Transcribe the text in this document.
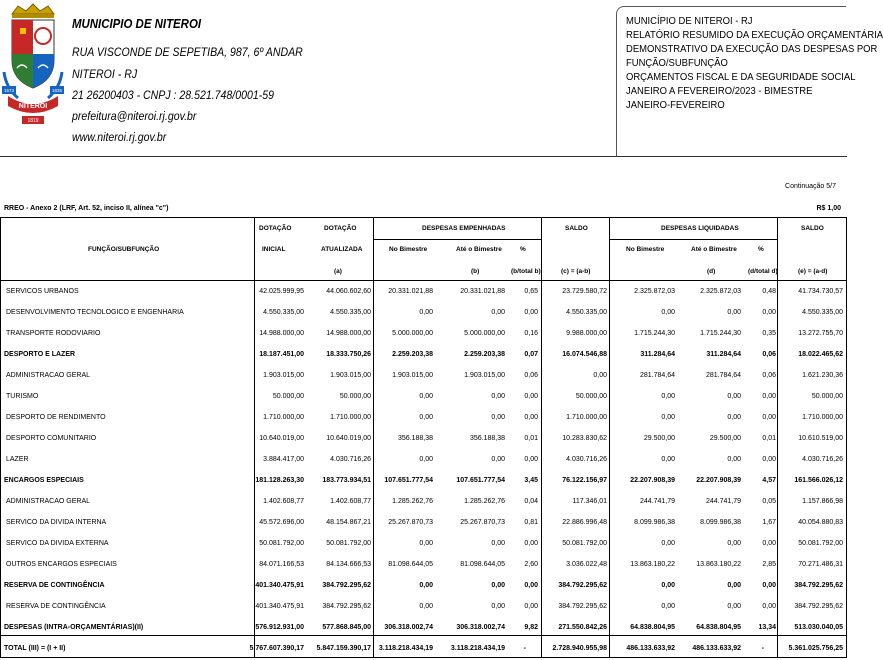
1573	1835
NITEROI
1819
MUNICIPIO DE NITEROI
RUA VISCONDE DE SEPETIBA, 987, 6º ANDAR
NITEROI - RJ
21 26200403 - CNPJ : 28.521.748/0001-59
prefeitura@niteroi.rj.gov.br
www.niteroi.rj.gov.br
MUNICÍPIO DE NITEROI - RJ
RELATÓRIO RESUMIDO DA EXECUÇÃO ORÇAMENTÁRIA
DEMONSTRATIVO DA EXECUÇÃO DAS DESPESAS POR
FUNÇÃO/SUBFUNÇÃO
ORÇAMENTOS FISCAL E DA SEGURIDADE SOCIAL
JANEIRO A FEVEREIRO/2023 - BIMESTRE
JANEIRO-FEVEREIRO
Continuação 5/7
RREO - Anexo 2 (LRF, Art. 52, inciso II, alínea "c")	R$ 1,00
FUNÇÃO/SUBFUNÇÃO
DOTAÇÃO
INICIAL
DOTAÇÃO
ATUALIZADA
(a)
DESPESAS EMPENHADAS
No Bimestre	Até o Bimestre
(b)
%
(b/total b)
SALDO
(c) = (a-b)
DESPESAS LIQUIDADAS
No Bimestre	Até o Bimestre
(d)
%
(d/total d)
SALDO
(e) = (a-d)
SERVICOS URBANOS	42.025.999,95	44.060.602,60 20.331.021,88	20.331.021,88	0,65	23.729.580,72	2.325.872,03	2.325.872,03	0,48	41.734.730,57
DESENVOLVIMENTO TECNOLOGICO E ENGENHARIA	4.550.335,00	4.550.335,00	0,00	0,00	0,00	4.550.335,00	0,00	0,00	0,00	4.550.335,00
TRANSPORTE RODOVIARIO	14.988.000,00	14.988.000,00	5.000.000,00	5.000.000,00	0,16	9.988.000,00	1.715.244,30	1.715.244,30	0,35	13.272.755,70
DESPORTO E LAZER	18.187.451,00	18.333.750,26	2.259.203,38	2.259.203,38	0,07	16.074.546,88	311.284,64	311.284,64	0,06	18.022.465,62
ADMINISTRACAO GERAL	1.903.015,00	1.903.015,00	1.903.015,00	1.903.015,00	0,06	0,00	281.784,64	281.784,64	0,06	1.621.230,36
TURISMO	50.000,00	50.000,00	0,00	0,00	0,00	50.000,00	0,00	0,00	0,00	50.000,00
DESPORTO DE RENDIMENTO	1.710.000,00	1.710.000,00	0,00	0,00	0,00	1.710.000,00	0,00	0,00	0,00	1.710.000,00
DESPORTO COMUNITARIO	10.640.019,00	10.640.019,00	356.188,38	356.188,38	0,01	10.283.830,62	29.500,00	29.500,00	0,01	10.610.519,00
LAZER	3.884.417,00	4.030.716,26	0,00	0,00	0,00	4.030.716,26	0,00	0,00	0,00	4.030.716,26
ENCARGOS ESPECIAIS	181.128.263,30	183.773.934,51 107.651.777,54	107.651.777,54	3,45	76.122.156,97	22.207.908,39	22.207.908,39	4,57	161.566.026,12
ADMINISTRACAO GERAL	1.402.608,77	1.402.608,77	1.285.262,76	1.285.262,76	0,04	117.346,01	244.741,79	244.741,79	0,05	1.157.866,98
SERVICO DA DIVIDA INTERNA	45.572.696,00	48.154.867,21 25.267.870,73	25.267.870,73	0,81	22.886.996,48	8.099.986,38	8.099.986,38	1,67	40.054.880,83
SERVICO DA DIVIDA EXTERNA	50.081.792,00	50.081.792,00	0,00	0,00	0,00	50.081.792,00	0,00	0,00	0,00	50.081.792,00
OUTROS ENCARGOS ESPECIAIS	84.071.166,53	84.134.666,53 81.098.644,05	81.098.644,05	2,60	3.036.022,48	13.863.180,22	13.863.180,22	2,85	70.271.486,31
RESERVA DE CONTINGÊNCIA	401.340.475,91	384.792.295,62	0,00	0,00	0,00	384.792.295,62	0,00	0,00	0,00	384.792.295,62
RESERVA DE CONTINGÊNCIA	401.340.475,91	384.792.295,62	0,00	0,00	0,00	384.792.295,62	0,00	0,00	0,00	384.792.295,62
DESPESAS (INTRA-ORÇAMENTÁRIAS)(II)	576.912.931,00	577.868.845,00 306.318.002,74	306.318.002,74	9,82	271.550.842,26	64.838.804,95	64.838.804,95 13,34	513.030.040,05
TOTAL (III) = (I + II)	5.767.607.390,17 5.847.159.390,17 3.118.218.434,19	3.118.218.434,19	-	2.728.940.955,98	486.133.633,92 486.133.633,92	-	5.361.025.756,25
